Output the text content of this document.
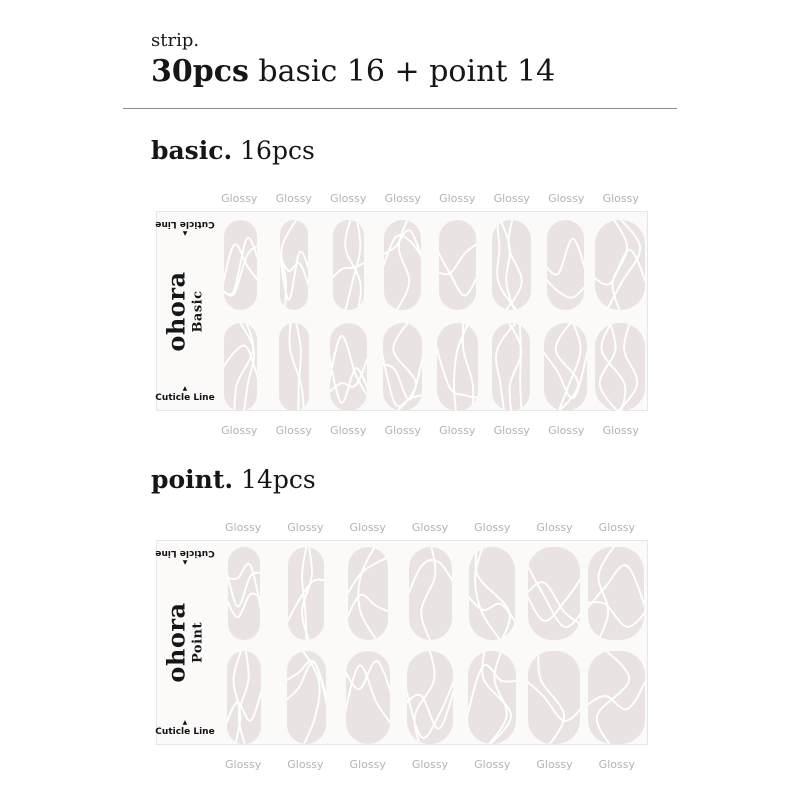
strip.
30pcs basic 16 + point 14
basic. 16pcs
Glossy	Glossy	Glossy	Glossy	Glossy	Glossy	Glossy	Glossy
▲
Cuticle Line
ohora Basic
▲
Cuticle Line
Glossy	Glossy	Glossy	Glossy	Glossy	Glossy	Glossy	Glossy
point. 14pcs
Glossy	Glossy	Glossy	Glossy	Glossy	Glossy	Glossy
▲
Cuticle Line
ohora Point
▲
Cuticle Line
Glossy	Glossy	Glossy	Glossy	Glossy	Glossy	Glossy
